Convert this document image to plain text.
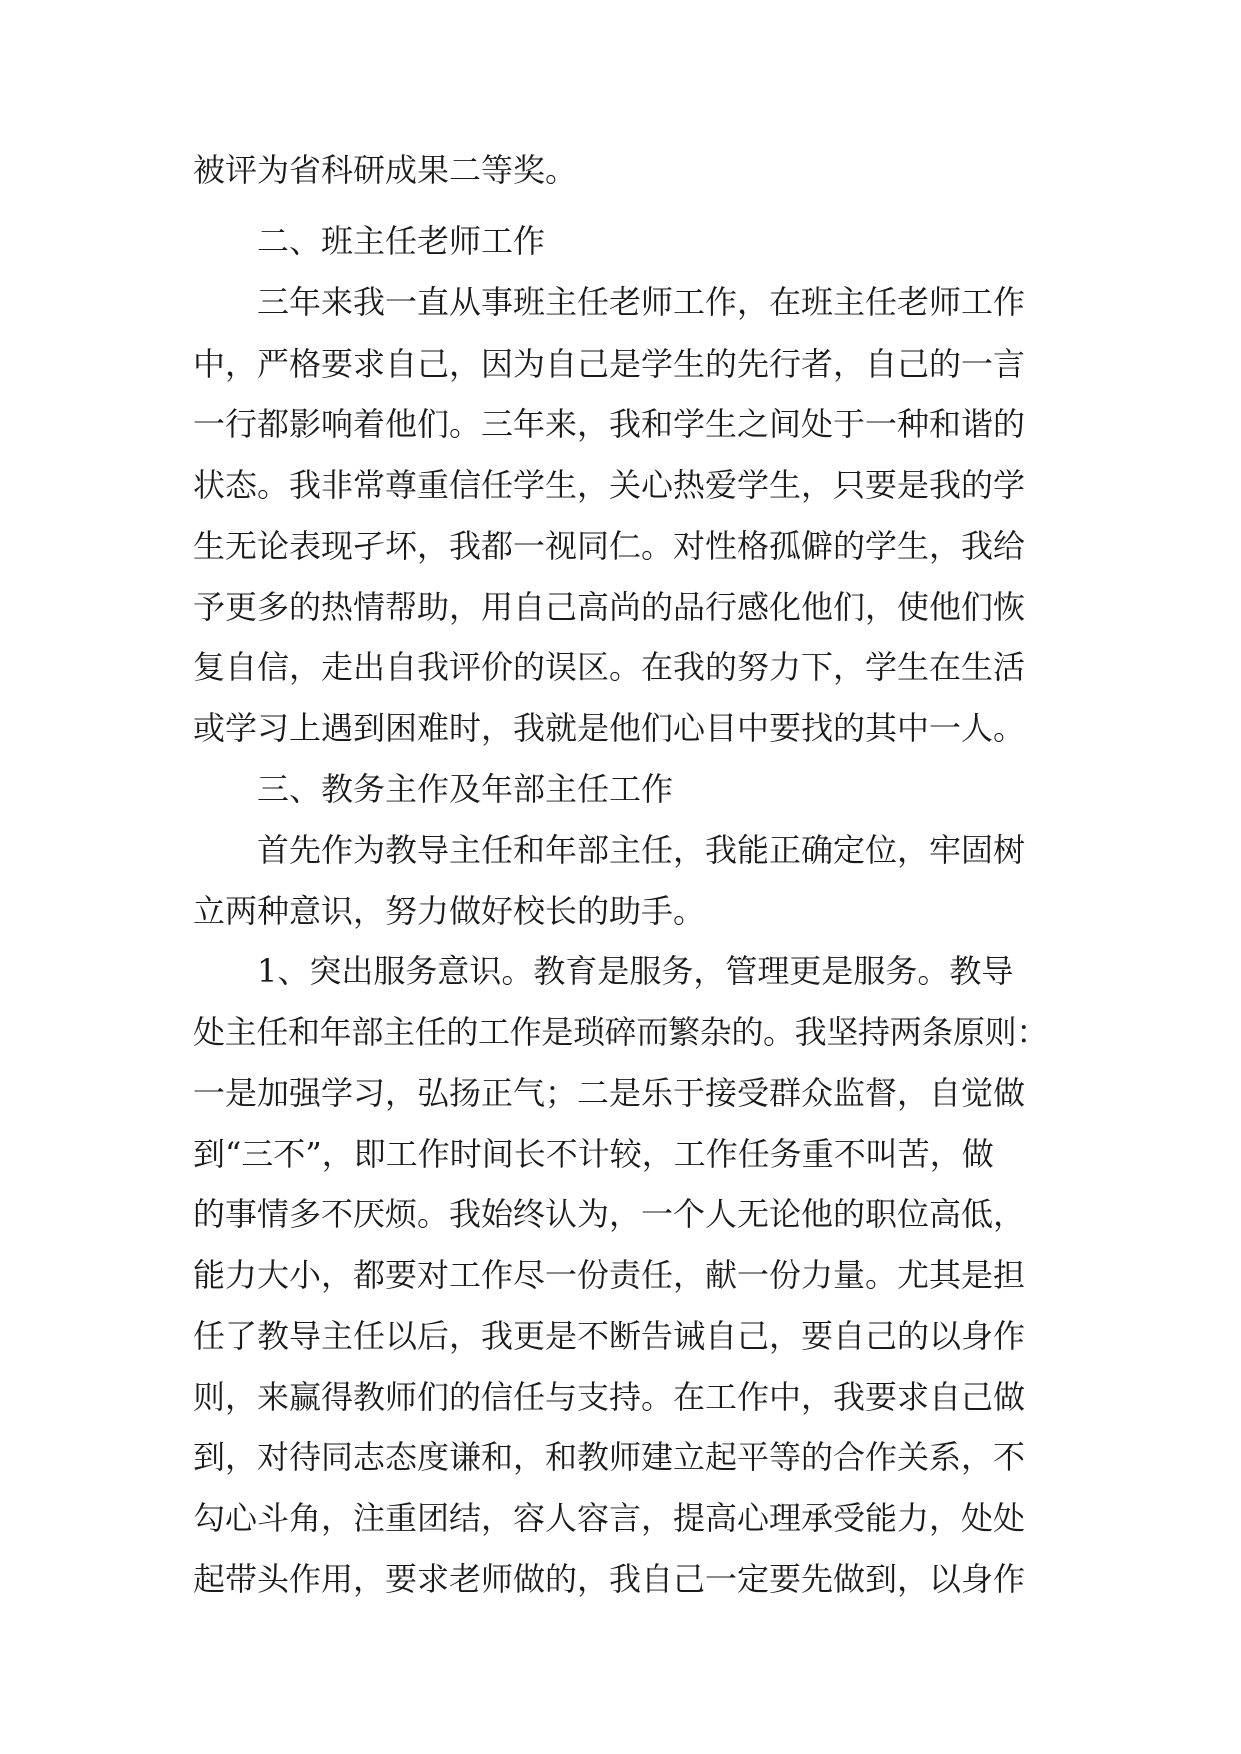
被评为省科研成果二等奖。
二、班主任老师工作
三年来我一直从事班主任老师工作，在班主任老师工作
中，严格要求自己，因为自己是学生的先行者，自己的一言
一行都影响着他们。三年来，我和学生之间处于一种和谐的
状态。我非常尊重信任学生，关心热爱学生，只要是我的学
生无论表现孑坏，我都一视同仁。对性格孤僻的学生，我给
予更多的热情帮助，用自己高尚的品行感化他们，使他们恢
复自信，走出自我评价的误区。在我的努力下，学生在生活
或学习上遇到困难时，我就是他们心目中要找的其中一人。
三、教务主作及年部主任工作
首先作为教导主任和年部主任，我能正确定位，牢固树
立两种意识，努力做好校长的助手。
1、突出服务意识。教育是服务，管理更是服务。教导
处主任和年部主任的工作是琐碎而繁杂的。我坚持两条原则：
一是加强学习，弘扬正气；二是乐于接受群众监督，自觉做
到“三不”，即工作时间长不计较，工作任务重不叫苦，做
的事情多不厌烦。我始终认为，一个人无论他的职位高低，
能力大小，都要对工作尽一份责任，献一份力量。尤其是担
任了教导主任以后，我更是不断告诫自己，要自己的以身作
则，来赢得教师们的信任与支持。在工作中，我要求自己做
到，对待同志态度谦和，和教师建立起平等的合作关系，不
勾心斗角，注重团结，容人容言，提高心理承受能力，处处
起带头作用，要求老师做的，我自己一定要先做到，以身作
